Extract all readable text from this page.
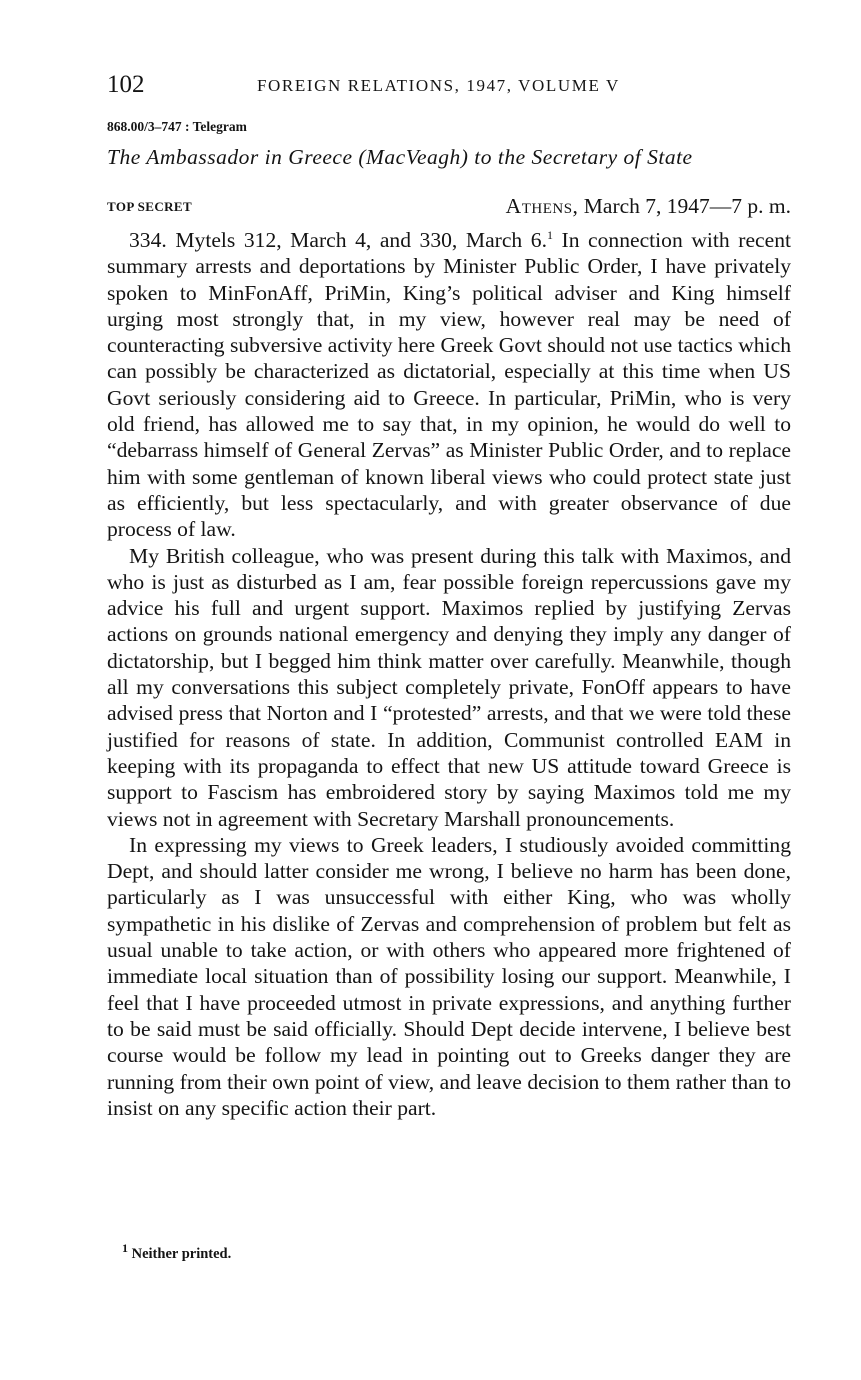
102	FOREIGN RELATIONS, 1947, VOLUME V
868.00/3–747 : Telegram
The Ambassador in Greece (MacVeagh) to the Secretary of State
TOP SECRET	Athens, March 7, 1947—7 p. m.

334. Mytels 312, March 4, and 330, March 6.$^1$ In connection with recent summary arrests and deportations by Minister Public Order, I have privately spoken to MinFonAff, PriMin, King’s political adviser and King himself urging most strongly that, in my view, however real may be need of counteracting subversive activity here Greek Govt should not use tactics which can possibly be characterized as dictatorial, especially at this time when US Govt seriously considering aid to Greece. In particular, PriMin, who is very old friend, has allowed me to say that, in my opinion, he would do well to “debarrass himself of General Zervas” as Minister Public Order, and to replace him with some gentleman of known liberal views who could protect state just as efficiently, but less spectacularly, and with greater observance of due process of law.

My British colleague, who was present during this talk with Maximos, and who is just as disturbed as I am, fear possible foreign repercussions gave my advice his full and urgent support. Maximos replied by justifying Zervas actions on grounds national emergency and denying they imply any danger of dictatorship, but I begged him think matter over carefully. Meanwhile, though all my conversations this subject completely private, FonOff appears to have advised press that Norton and I “protested” arrests, and that we were told these justified for reasons of state. In addition, Communist controlled EAM in keeping with its propaganda to effect that new US attitude toward Greece is support to Fascism has embroidered story by saying Maximos told me my views not in agreement with Secretary Marshall pronouncements.

In expressing my views to Greek leaders, I studiously avoided committing Dept, and should latter consider me wrong, I believe no harm has been done, particularly as I was unsuccessful with either King, who was wholly sympathetic in his dislike of Zervas and comprehension of problem but felt as usual unable to take action, or with others who appeared more frightened of immediate local situation than of possibility losing our support. Meanwhile, I feel that I have proceeded utmost in private expressions, and anything further to be said must be said officially. Should Dept decide intervene, I believe best course would be follow my lead in pointing out to Greeks danger they are running from their own point of view, and leave decision to them rather than to insist on any specific action their part.

$^1$ Neither printed.
